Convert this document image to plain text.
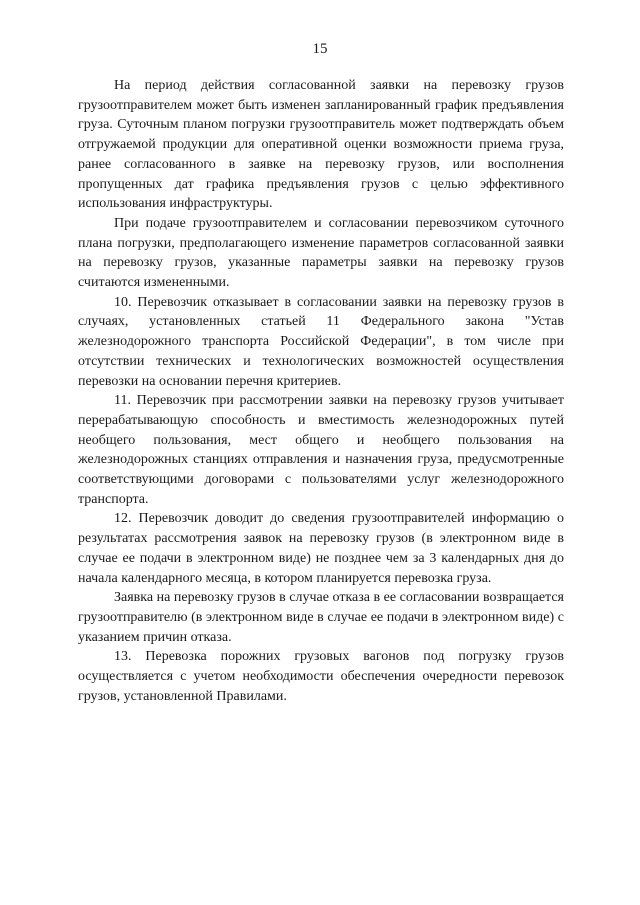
15

На период действия согласованной заявки на перевозку грузов грузоотправителем может быть изменен запланированный график предъявления груза. Суточным планом погрузки грузоотправитель может подтверждать объем отгружаемой продукции для оперативной оценки возможности приема груза, ранее согласованного в заявке на перевозку грузов, или восполнения пропущенных дат графика предъявления грузов с целью эффективного использования инфраструктуры.

При подаче грузоотправителем и согласовании перевозчиком суточного плана погрузки, предполагающего изменение параметров согласованной заявки на перевозку грузов, указанные параметры заявки на перевозку грузов считаются измененными.

10. Перевозчик отказывает в согласовании заявки на перевозку грузов в случаях, установленных статьей 11 Федерального закона "Устав железнодорожного транспорта Российской Федерации", в том числе при отсутствии технических и технологических возможностей осуществления перевозки на основании перечня критериев.

11. Перевозчик при рассмотрении заявки на перевозку грузов учитывает перерабатывающую способность и вместимость железнодорожных путей необщего пользования, мест общего и необщего пользования на железнодорожных станциях отправления и назначения груза, предусмотренные соответствующими договорами с пользователями услуг железнодорожного транспорта.

12. Перевозчик доводит до сведения грузоотправителей информацию о результатах рассмотрения заявок на перевозку грузов (в электронном виде в случае ее подачи в электронном виде) не позднее чем за 3 календарных дня до начала календарного месяца, в котором планируется перевозка груза.

Заявка на перевозку грузов в случае отказа в ее согласовании возвращается грузоотправителю (в электронном виде в случае ее подачи в электронном виде) с указанием причин отказа.

13. Перевозка порожних грузовых вагонов под погрузку грузов осуществляется с учетом необходимости обеспечения очередности перевозок грузов, установленной Правилами.
